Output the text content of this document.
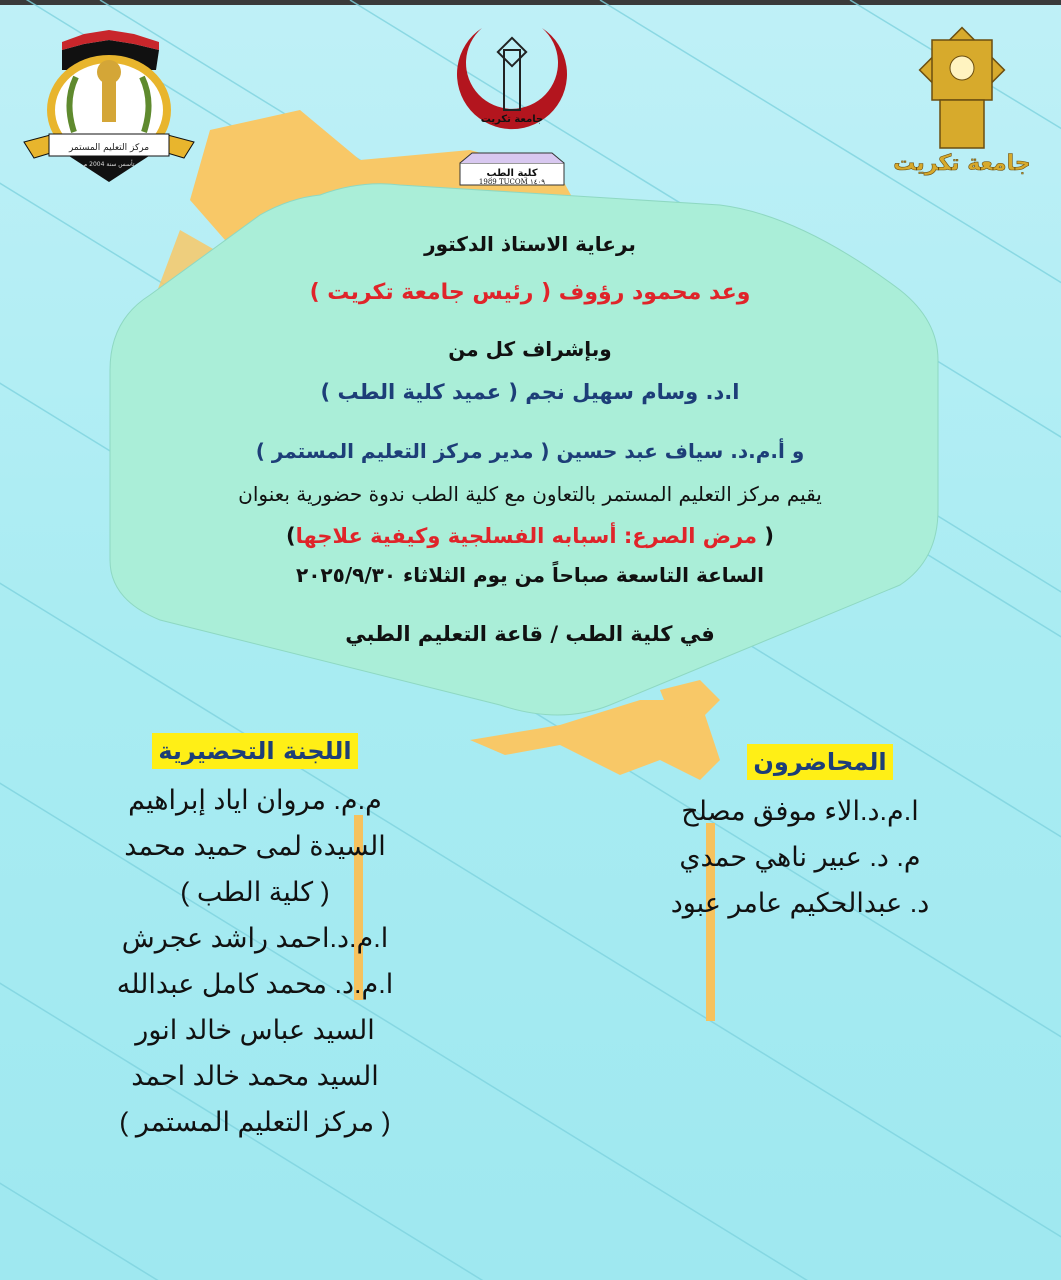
مركز التعليم المستمر
تأسس سنة 2004 م
جامعة تكريت
كلية الطب
1989 TUCOM ١٤٠٩
جامعة تكريت
برعاية الاستاذ الدكتور
وعد محمود رؤوف ( رئيس جامعة تكريت )
وبإشراف كل من
ا.د. وسام سهيل نجم ( عميد كلية الطب )
و أ.م.د. سياف عبد حسين ( مدير مركز التعليم المستمر )
يقيم مركز التعليم المستمر بالتعاون مع كلية الطب ندوة حضورية بعنوان
( مرض الصرع: أسبابه الفسلجية وكيفية علاجها)
الساعة التاسعة صباحاً من يوم الثلاثاء ٢٠٢٥/٩/٣٠
في كلية الطب / قاعة التعليم الطبي
اللجنة التحضيرية
م.م. مروان اياد إبراهيم
السيدة لمى حميد محمد
( كلية الطب )
ا.م.د.احمد راشد عجرش
ا.م.د. محمد كامل عبدالله
السيد عباس خالد انور
السيد محمد خالد احمد
( مركز التعليم المستمر )
المحاضرون
ا.م.د.الاء موفق مصلح
م. د. عبير ناهي حمدي
د. عبدالحكيم عامر عبود
